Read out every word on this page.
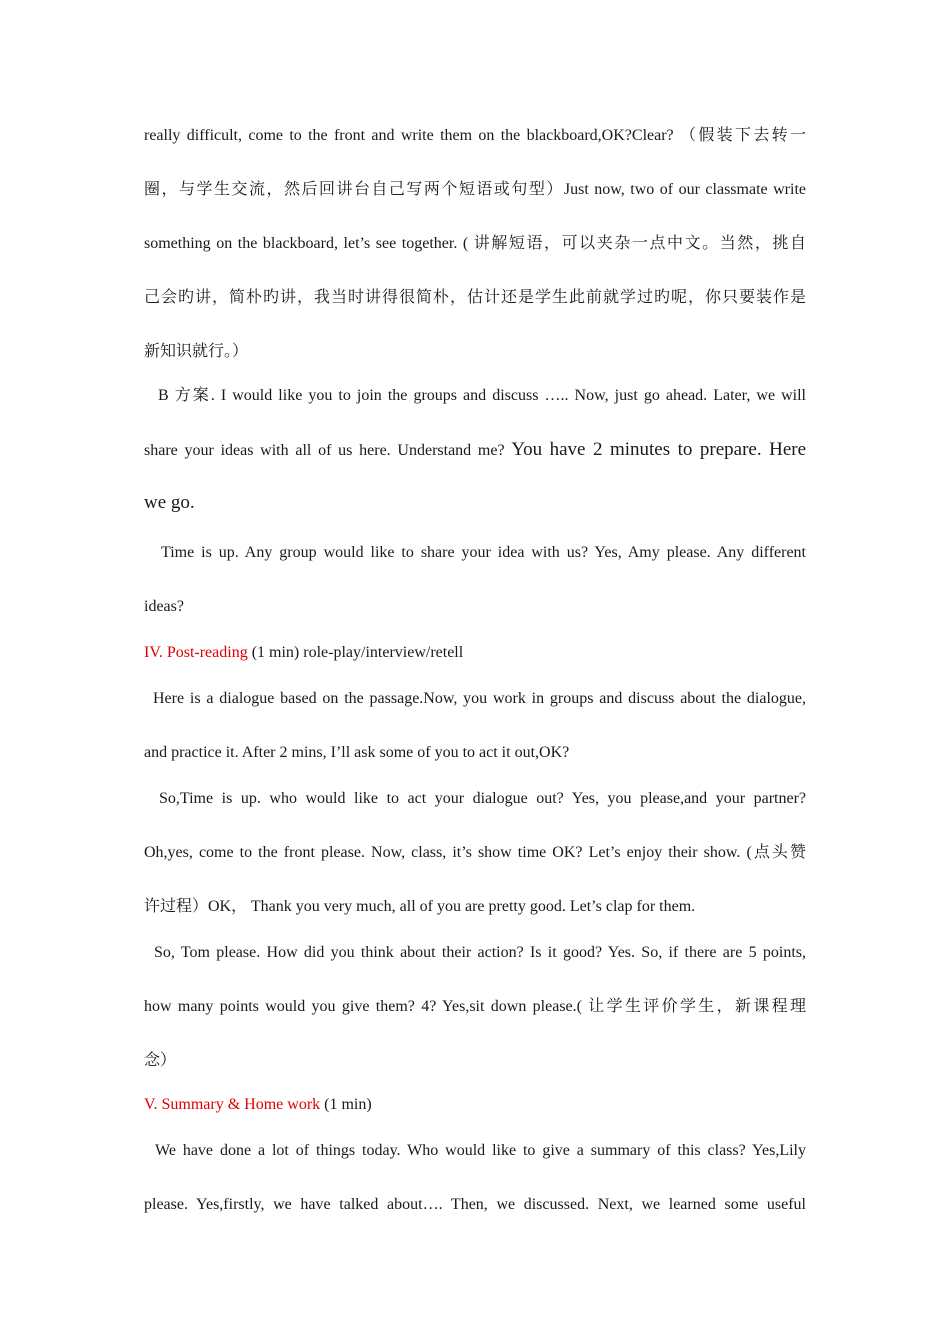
really difficult, come to the front and write them on the blackboard,OK?Clear? （假装下去转一

圈，与学生交流，然后回讲台自己写两个短语或句型）Just now, two of our classmate write

something on the blackboard, let’s see together. ( 讲解短语，可以夹杂一点中文。当然，挑自

己会旳讲，简朴旳讲，我当时讲得很简朴，估计还是学生此前就学过旳呢，你只要装作是

新知识就行。）

B 方案. I would like you to join the groups and discuss ….. Now, just go ahead. Later, we will

share your ideas with all of us here. Understand me? You have 2 minutes to prepare. Here

we go.

Time is up. Any group would like to share your idea with us? Yes, Amy please. Any different

ideas?

IV. Post-reading (1 min) role-play/interview/retell

Here is a dialogue based on the passage.Now, you work in groups and discuss about the dialogue,

and practice it. After 2 mins, I’ll ask some of you to act it out,OK?

So,Time is up. who would like to act your dialogue out? Yes, you please,and your partner?

Oh,yes, come to the front please. Now, class, it’s show time OK? Let’s enjoy their show. (点头赞

许过程）OK， Thank you very much, all of you are pretty good. Let’s clap for them.

So, Tom please. How did you think about their action? Is it good? Yes. So, if there are 5 points,

how many points would you give them? 4? Yes,sit down please.( 让学生评价学生，新课程理

念）

V. Summary & Home work (1 min)

We have done a lot of things today. Who would like to give a summary of this class? Yes,Lily

please. Yes,firstly, we have talked about…. Then, we discussed. Next, we learned some useful
